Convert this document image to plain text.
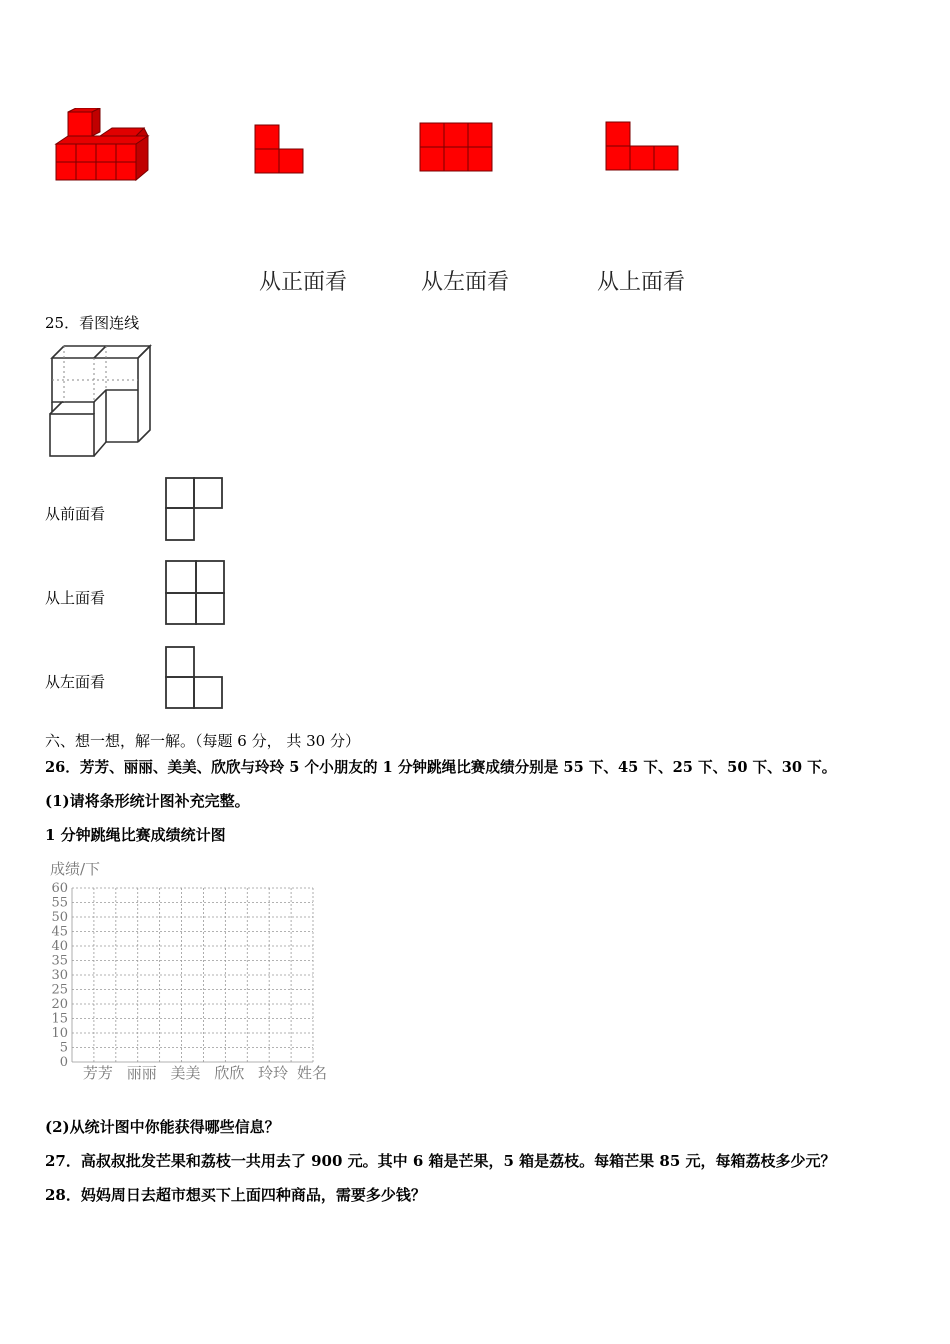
从正面看	从左面看	从上面看
25．看图连线
从前面看
从上面看
从左面看
六、想一想，解一解。（每题 6 分， 共 30 分）
26．芳芳、丽丽、美美、欣欣与玲玲 5 个小朋友的 1 分钟跳绳比赛成绩分别是 55 下、45 下、25 下、50 下、30 下。
(1)请将条形统计图补充完整。
1 分钟跳绳比赛成绩统计图
成绩/下
0
5
10
15
20
25
30
35
40
45
50
55
60
芳芳 丽丽 美美 欣欣 玲玲 姓名
(2)从统计图中你能获得哪些信息？
27．高叔叔批发芒果和荔枝一共用去了 900 元。其中 6 箱是芒果，5 箱是荔枝。每箱芒果 85 元，每箱荔枝多少元？
28．妈妈周日去超市想买下上面四种商品，需要多少钱？
